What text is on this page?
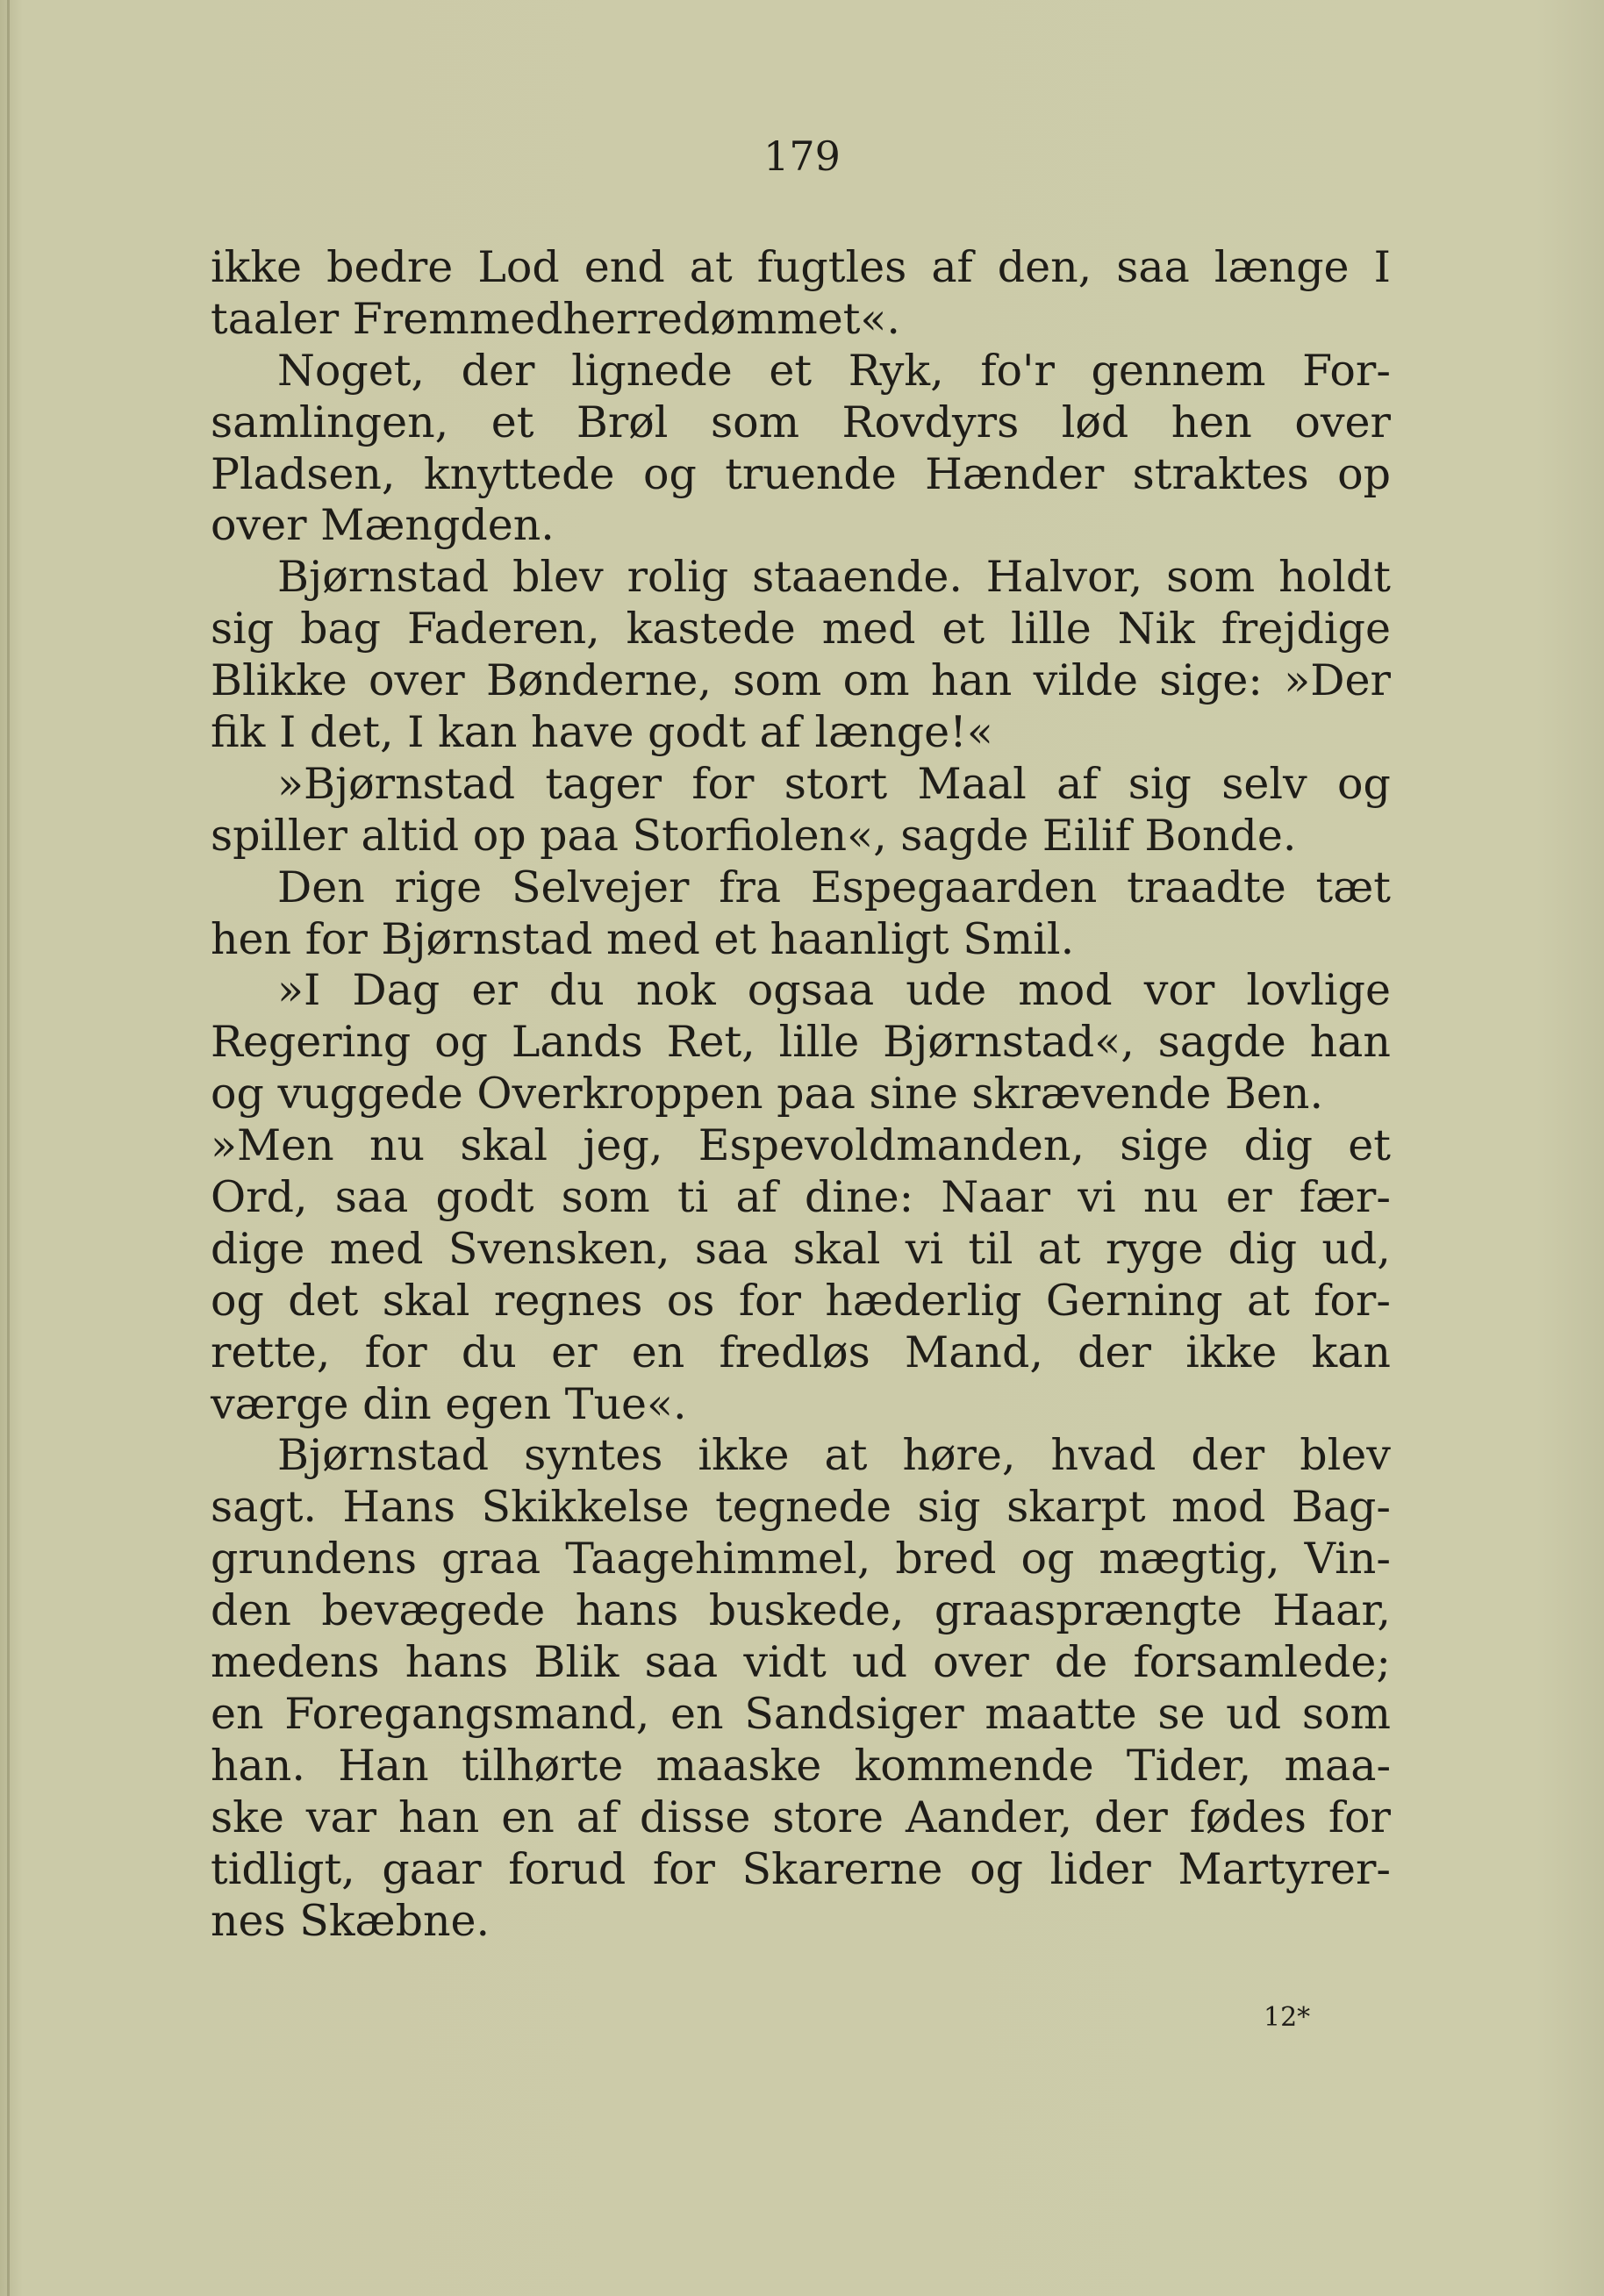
179
ikke bedre Lod end at fugtles af den, saa længe I
taaler Fremmedherredømmet«.
Noget, der lignede et Ryk, fo'r gennem For-
samlingen, et Brøl som Rovdyrs lød hen over
Pladsen, knyttede og truende Hænder straktes op
over Mængden.
Bjørnstad blev rolig staaende. Halvor, som holdt
sig bag Faderen, kastede med et lille Nik frejdige
Blikke over Bønderne, som om han vilde sige: »Der
fik I det, I kan have godt af længe!«
»Bjørnstad tager for stort Maal af sig selv og
spiller altid op paa Storfiolen«, sagde Eilif Bonde.
Den rige Selvejer fra Espegaarden traadte tæt
hen for Bjørnstad med et haanligt Smil.
»I Dag er du nok ogsaa ude mod vor lovlige
Regering og Lands Ret, lille Bjørnstad«, sagde han
og vuggede Overkroppen paa sine skrævende Ben.
»Men nu skal jeg, Espevoldmanden, sige dig et
Ord, saa godt som ti af dine: Naar vi nu er fær-
dige med Svensken, saa skal vi til at ryge dig ud,
og det skal regnes os for hæderlig Gerning at for-
rette, for du er en fredløs Mand, der ikke kan
værge din egen Tue«.
Bjørnstad syntes ikke at høre, hvad der blev
sagt. Hans Skikkelse tegnede sig skarpt mod Bag-
grundens graa Taagehimmel, bred og mægtig, Vin-
den bevægede hans buskede, graasprængte Haar,
medens hans Blik saa vidt ud over de forsamlede;
en Foregangsmand, en Sandsiger maatte se ud som
han. Han tilhørte maaske kommende Tider, maa-
ske var han en af disse store Aander, der fødes for
tidligt, gaar forud for Skarerne og lider Martyrer-
nes Skæbne.
12*
